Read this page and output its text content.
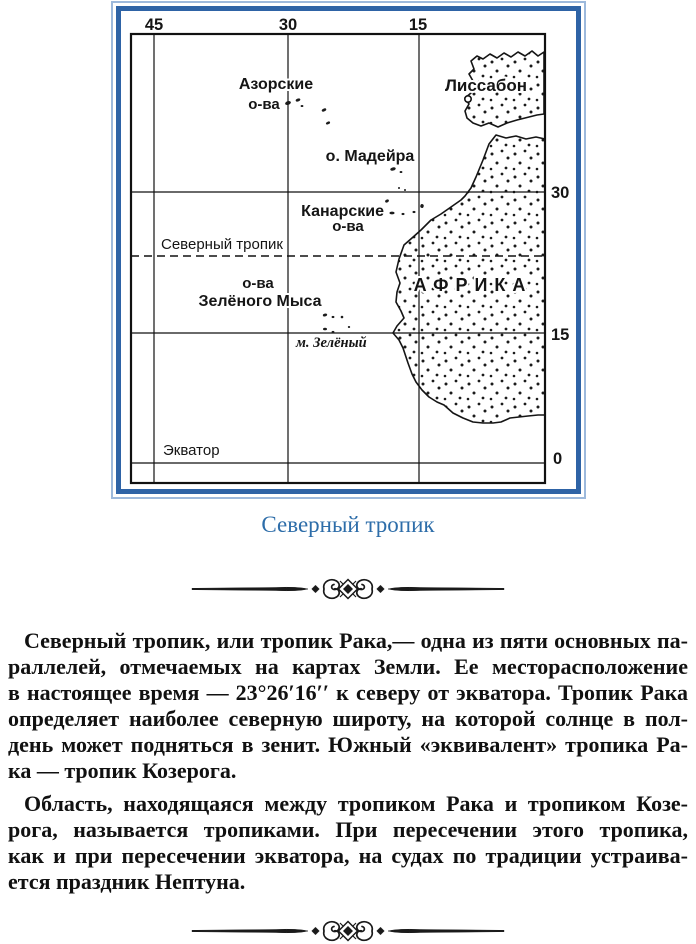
Азорские
о-ва
Лиссабон
о. Мадейра
Канарские
о-ва
Северный тропик
о-ва
Зелёного Мыса
АФРИКА
м. Зелёный
Экватор
45	30	15
30
15
0
Северный тропик
Северный тропик, или тропик Рака,— одна из пяти основных па-
раллелей, отмечаемых на картах Земли. Ее месторасположение
в настоящее время — 23°26′16′′ к северу от экватора. Тропик Рака
определяет наиболее северную широту, на которой солнце в пол-
день может подняться в зенит. Южный «эквивалент» тропика Ра-
ка — тропик Козерога.
Область, находящаяся между тропиком Рака и тропиком Козе-
рога, называется тропиками. При пересечении этого тропика,
как и при пересечении экватора, на судах по традиции устраива-
ется праздник Нептуна.
